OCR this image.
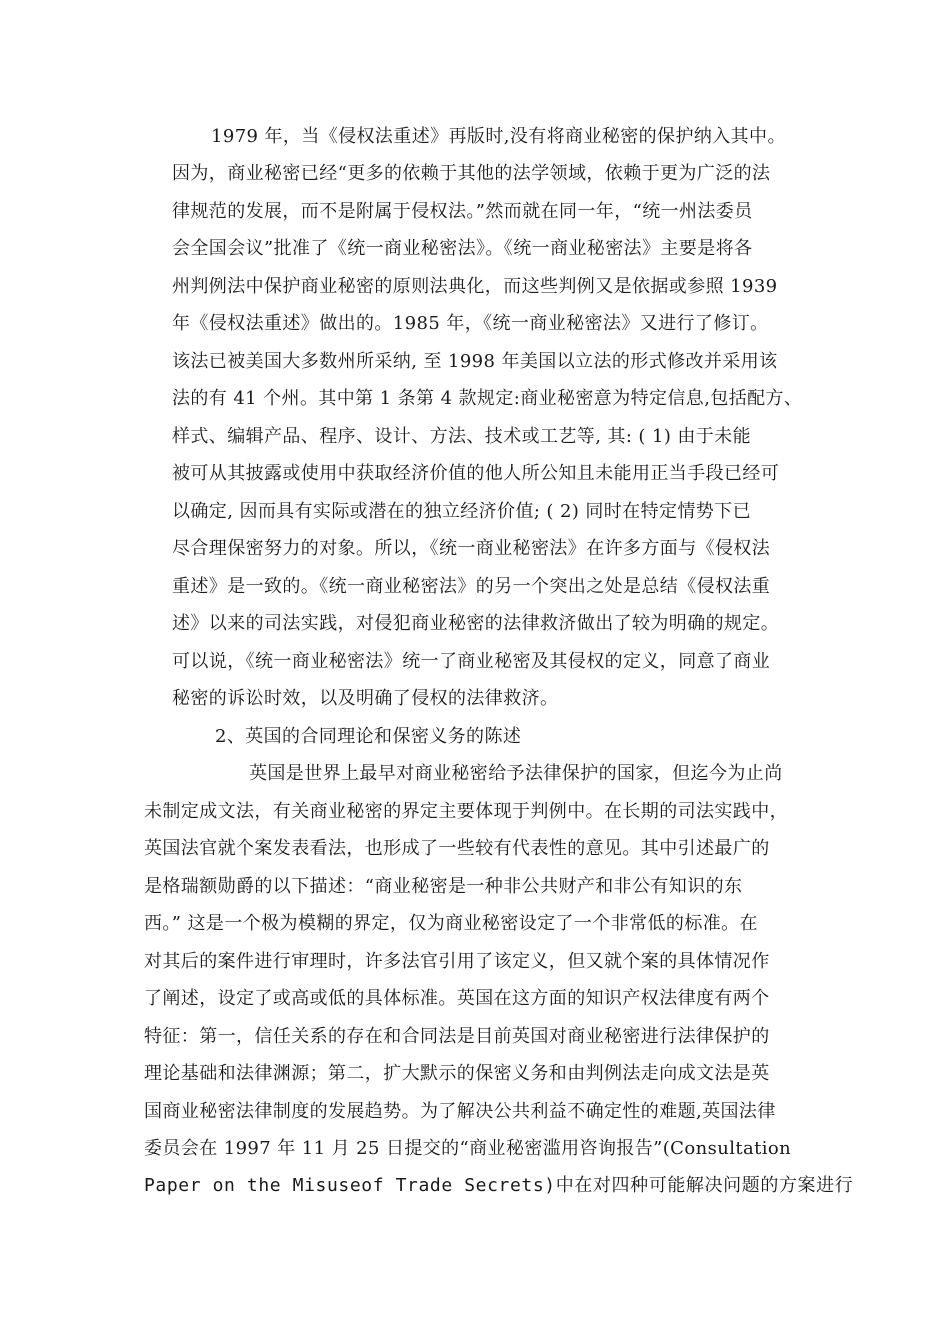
1979 年，当《侵权法重述》再版时,没有将商业秘密的保护纳入其中。

因为，商业秘密已经“更多的依赖于其他的法学领域，依赖于更为广泛的法

律规范的发展，而不是附属于侵权法。”然而就在同一年，“统一州法委员

会全国会议”批准了《统一商业秘密法》。《统一商业秘密法》主要是将各

州判例法中保护商业秘密的原则法典化，而这些判例又是依据或参照 1939

年《侵权法重述》做出的。1985 年，《统一商业秘密法》又进行了修订。

该法已被美国大多数州所采纳, 至 1998 年美国以立法的形式修改并采用该

法的有 41 个州。其中第 1 条第 4 款规定:商业秘密意为特定信息,包括配方、

样式、编辑产品、程序、设计、方法、技术或工艺等, 其: ( 1) 由于未能

被可从其披露或使用中获取经济价值的他人所公知且未能用正当手段已经可

以确定, 因而具有实际或潜在的独立经济价值; ( 2) 同时在特定情势下已

尽合理保密努力的对象。所以，《统一商业秘密法》在许多方面与《侵权法

重述》是一致的。《统一商业秘密法》的另一个突出之处是总结《侵权法重

述》以来的司法实践，对侵犯商业秘密的法律救济做出了较为明确的规定。

可以说，《统一商业秘密法》统一了商业秘密及其侵权的定义，同意了商业

秘密的诉讼时效，以及明确了侵权的法律救济。

2、英国的合同理论和保密义务的陈述

英国是世界上最早对商业秘密给予法律保护的国家，但迄今为止尚

未制定成文法，有关商业秘密的界定主要体现于判例中。在长期的司法实践中，

英国法官就个案发表看法，也形成了一些较有代表性的意见。其中引述最广的

是格瑞额勋爵的以下描述：“商业秘密是一种非公共财产和非公有知识的东

西。” 这是一个极为模糊的界定，仅为商业秘密设定了一个非常低的标准。在

对其后的案件进行审理时，许多法官引用了该定义，但又就个案的具体情况作

了阐述，设定了或高或低的具体标准。英国在这方面的知识产权法律度有两个

特征：第一，信任关系的存在和合同法是目前英国对商业秘密进行法律保护的

理论基础和法律渊源；第二，扩大默示的保密义务和由判例法走向成文法是英

国商业秘密法律制度的发展趋势。为了解决公共利益不确定性的难题,英国法律

委员会在 1997 年 11 月 25 日提交的“商业秘密滥用咨询报告”(Consultation

Paper on the Misuseof Trade Secrets)中在对四种可能解决问题的方案进行
